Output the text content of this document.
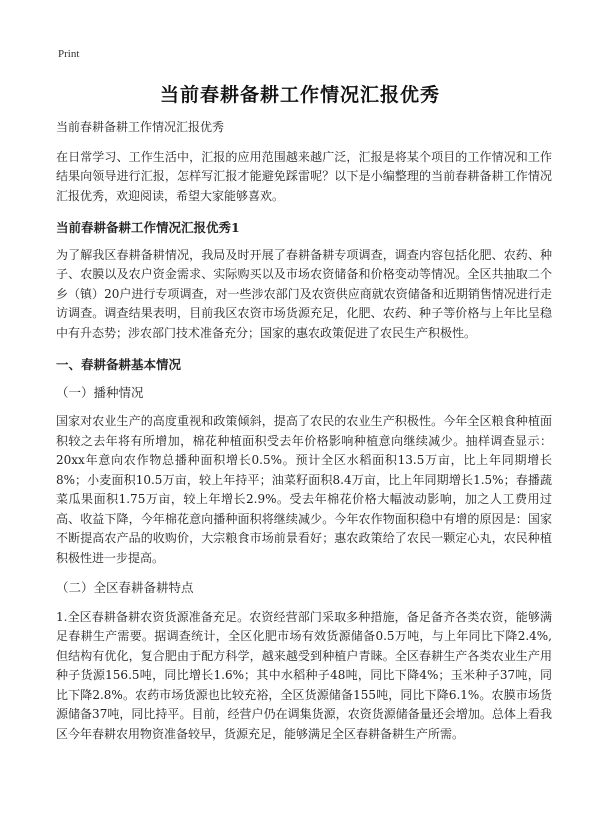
Print
当前春耕备耕工作情况汇报优秀

当前春耕备耕工作情况汇报优秀

在日常学习、工作生活中，汇报的应用范围越来越广泛，汇报是将某个项目的工作情况和工作结果向领导进行汇报，怎样写汇报才能避免踩雷呢？以下是小编整理的当前春耕备耕工作情况汇报优秀，欢迎阅读，希望大家能够喜欢。

当前春耕备耕工作情况汇报优秀1

为了解我区春耕备耕情况，我局及时开展了春耕备耕专项调查，调查内容包括化肥、农药、种子、农膜以及农户资金需求、实际购买以及市场农资储备和价格变动等情况。全区共抽取二个乡（镇）20户进行专项调查，对一些涉农部门及农资供应商就农资储备和近期销售情况进行走访调查。调查结果表明，目前我区农资市场货源充足，化肥、农药、种子等价格与上年比呈稳中有升态势；涉农部门技术准备充分；国家的惠农政策促进了农民生产积极性。

一、春耕备耕基本情况

（一）播种情况

国家对农业生产的高度重视和政策倾斜，提高了农民的农业生产积极性。今年全区粮食种植面积较之去年将有所增加，棉花种植面积受去年价格影响种植意向继续减少。抽样调查显示：20xx年意向农作物总播种面积增长0.5%。预计全区水稻面积13.5万亩，比上年同期增长8%；小麦面积10.5万亩，较上年持平；油菜籽面积8.4万亩，比上年同期增长1.5%；春播蔬菜瓜果面积1.75万亩，较上年增长2.9%。受去年棉花价格大幅波动影响，加之人工费用过高、收益下降，今年棉花意向播种面积将继续减少。今年农作物面积稳中有增的原因是：国家不断提高农产品的收购价，大宗粮食市场前景看好；惠农政策给了农民一颗定心丸，农民种植积极性进一步提高。

（二）全区春耕备耕特点

1.全区春耕备耕农资货源准备充足。农资经营部门采取多种措施，备足备齐各类农资，能够满足春耕生产需要。据调查统计，全区化肥市场有效货源储备0.5万吨，与上年同比下降2.4%,但结构有优化，复合肥由于配方科学，越来越受到种植户青睐。全区春耕生产各类农业生产用种子货源156.5吨，同比增长1.6%；其中水稻种子48吨，同比下降4%；玉米种子37吨，同比下降2.8%。农药市场货源也比较充裕，全区货源储备155吨，同比下降6.1%。农膜市场货源储备37吨，同比持平。目前，经营户仍在调集货源，农资货源储备量还会增加。总体上看我区今年春耕农用物资准备较早，货源充足，能够满足全区春耕备耕生产所需。
